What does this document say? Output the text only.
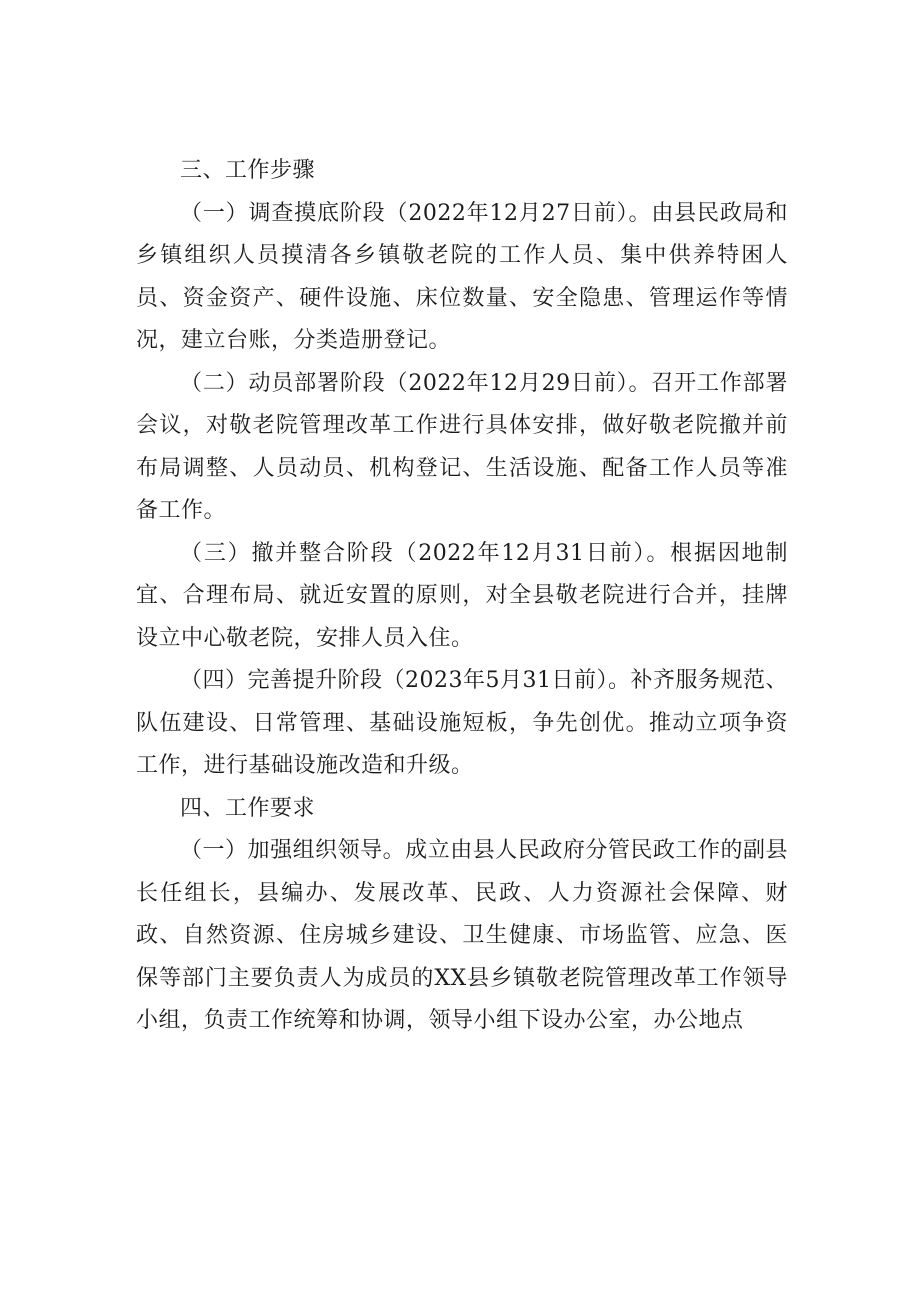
三、工作步骤

（一）调查摸底阶段（2022年12月27日前）。由县民政局和乡镇组织人员摸清各乡镇敬老院的工作人员、集中供养特困人员、资金资产、硬件设施、床位数量、安全隐患、管理运作等情况，建立台账，分类造册登记。

（二）动员部署阶段（2022年12月29日前）。召开工作部署会议，对敬老院管理改革工作进行具体安排，做好敬老院撤并前布局调整、人员动员、机构登记、生活设施、配备工作人员等准备工作。

（三）撤并整合阶段（2022年12月31日前）。根据因地制宜、合理布局、就近安置的原则，对全县敬老院进行合并，挂牌设立中心敬老院，安排人员入住。

（四）完善提升阶段（2023年5月31日前）。补齐服务规范、队伍建设、日常管理、基础设施短板，争先创优。推动立项争资工作，进行基础设施改造和升级。

四、工作要求

（一）加强组织领导。成立由县人民政府分管民政工作的副县长任组长，县编办、发展改革、民政、人力资源社会保障、财政、自然资源、住房城乡建设、卫生健康、市场监管、应急、医保等部门主要负责人为成员的XX县乡镇敬老院管理改革工作领导小组，负责工作统筹和协调，领导小组下设办公室，办公地点
